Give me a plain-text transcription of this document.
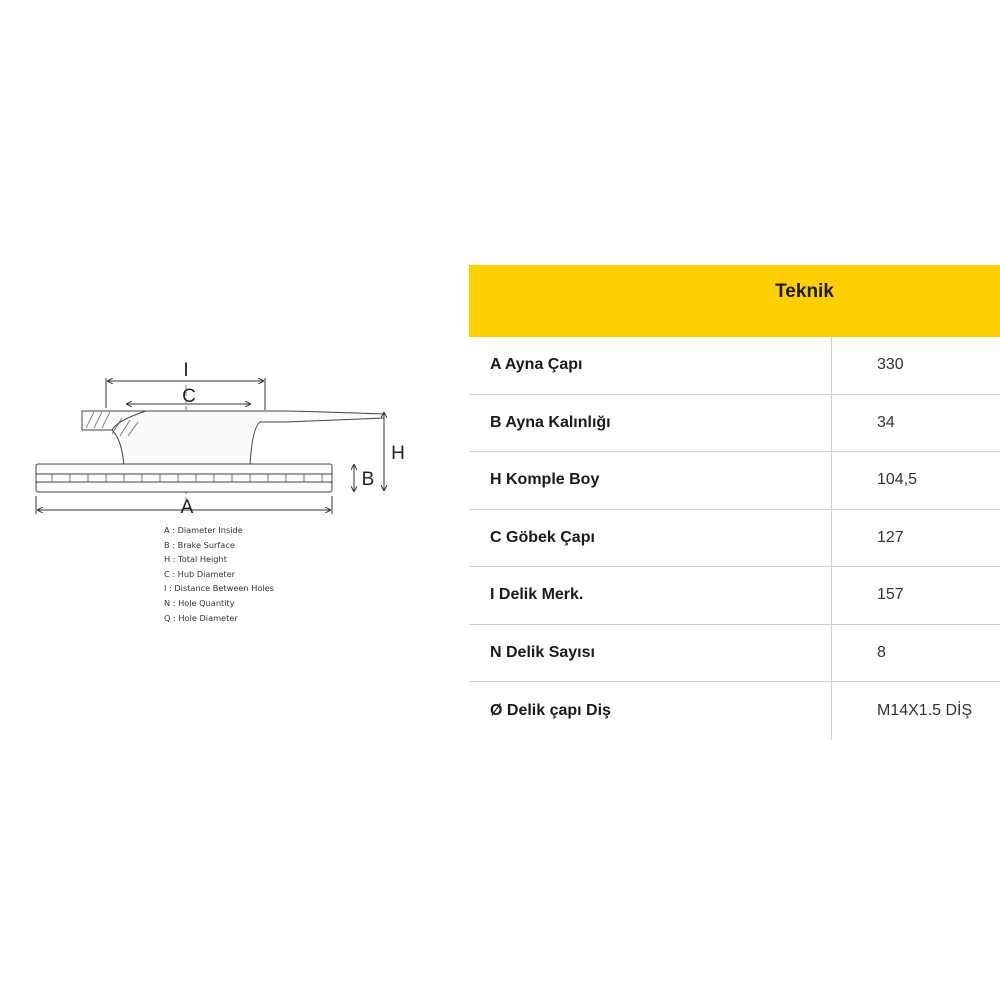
I
C
H
B
A
A : Diameter Inside
B : Brake Surface
H : Total Height
C : Hub Diameter
I : Distance Between Holes
N : Hole Quantity
Q : Hole Diameter
Teknik
A Ayna Çapı	330
B Ayna Kalınlığı	34
H Komple Boy	104,5
C Göbek Çapı	127
I Delik Merk.	157
N Delik Sayısı	8
Ø Delik çapı Diş	M14X1.5 DİŞ
